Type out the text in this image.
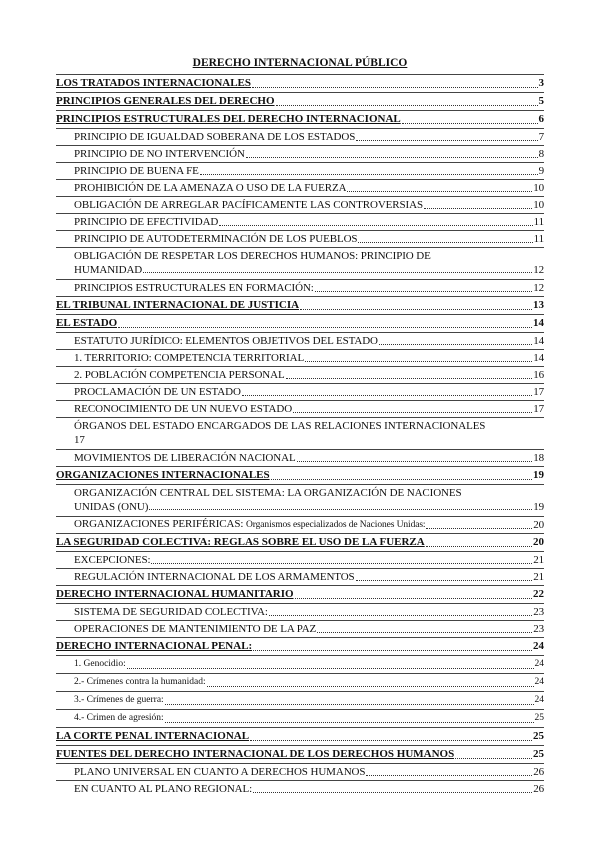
DERECHO INTERNACIONAL PÚBLICO
LOS TRATADOS INTERNACIONALES	3
PRINCIPIOS GENERALES DEL DERECHO	5
PRINCIPIOS ESTRUCTURALES DEL DERECHO INTERNACIONAL	6
PRINCIPIO DE IGUALDAD SOBERANA DE LOS ESTADOS	7
PRINCIPIO DE NO INTERVENCIÓN	8
PRINCIPIO DE BUENA FE	9
PROHIBICIÓN DE LA AMENAZA O USO DE LA FUERZA	10
OBLIGACIÓN DE ARREGLAR PACÍFICAMENTE LAS CONTROVERSIAS	10
PRINCIPIO DE EFECTIVIDAD	11
PRINCIPIO DE AUTODETERMINACIÓN DE LOS PUEBLOS	11
OBLIGACIÓN DE RESPETAR LOS DERECHOS HUMANOS: PRINCIPIO DE
HUMANIDAD	12
PRINCIPIOS ESTRUCTURALES EN FORMACIÓN:	12
EL TRIBUNAL INTERNACIONAL DE JUSTICIA	13
EL ESTADO	14
ESTATUTO JURÍDICO: ELEMENTOS OBJETIVOS DEL ESTADO	14
1. TERRITORIO: COMPETENCIA TERRITORIAL	14
2. POBLACIÓN COMPETENCIA PERSONAL	16
PROCLAMACIÓN DE UN ESTADO	17
RECONOCIMIENTO DE UN NUEVO ESTADO	17
ÓRGANOS DEL ESTADO ENCARGADOS DE LAS RELACIONES INTERNACIONALES
17
MOVIMIENTOS DE LIBERACIÓN NACIONAL	18
ORGANIZACIONES INTERNACIONALES	19
ORGANIZACIÓN CENTRAL DEL SISTEMA: LA ORGANIZACIÓN DE NACIONES
UNIDAS (ONU)	19
ORGANIZACIONES PERIFÉRICAS: Organismos especializados de Naciones Unidas:	20
LA SEGURIDAD COLECTIVA: REGLAS SOBRE EL USO DE LA FUERZA	20
EXCEPCIONES:	21
REGULACIÓN INTERNACIONAL DE LOS ARMAMENTOS	21
DERECHO INTERNACIONAL HUMANITARIO	22
SISTEMA DE SEGURIDAD COLECTIVA:	23
OPERACIONES DE MANTENIMIENTO DE LA PAZ	23
DERECHO INTERNACIONAL PENAL:	24
1. Genocidio:	24
2.- Crímenes contra la humanidad:	24
3.- Crímenes de guerra:	24
4.- Crimen de agresión:	25
LA CORTE PENAL INTERNACIONAL	25
FUENTES DEL DERECHO INTERNACIONAL DE LOS DERECHOS HUMANOS	25
PLANO UNIVERSAL EN CUANTO A DERECHOS HUMANOS	26
EN CUANTO AL PLANO REGIONAL:	26
